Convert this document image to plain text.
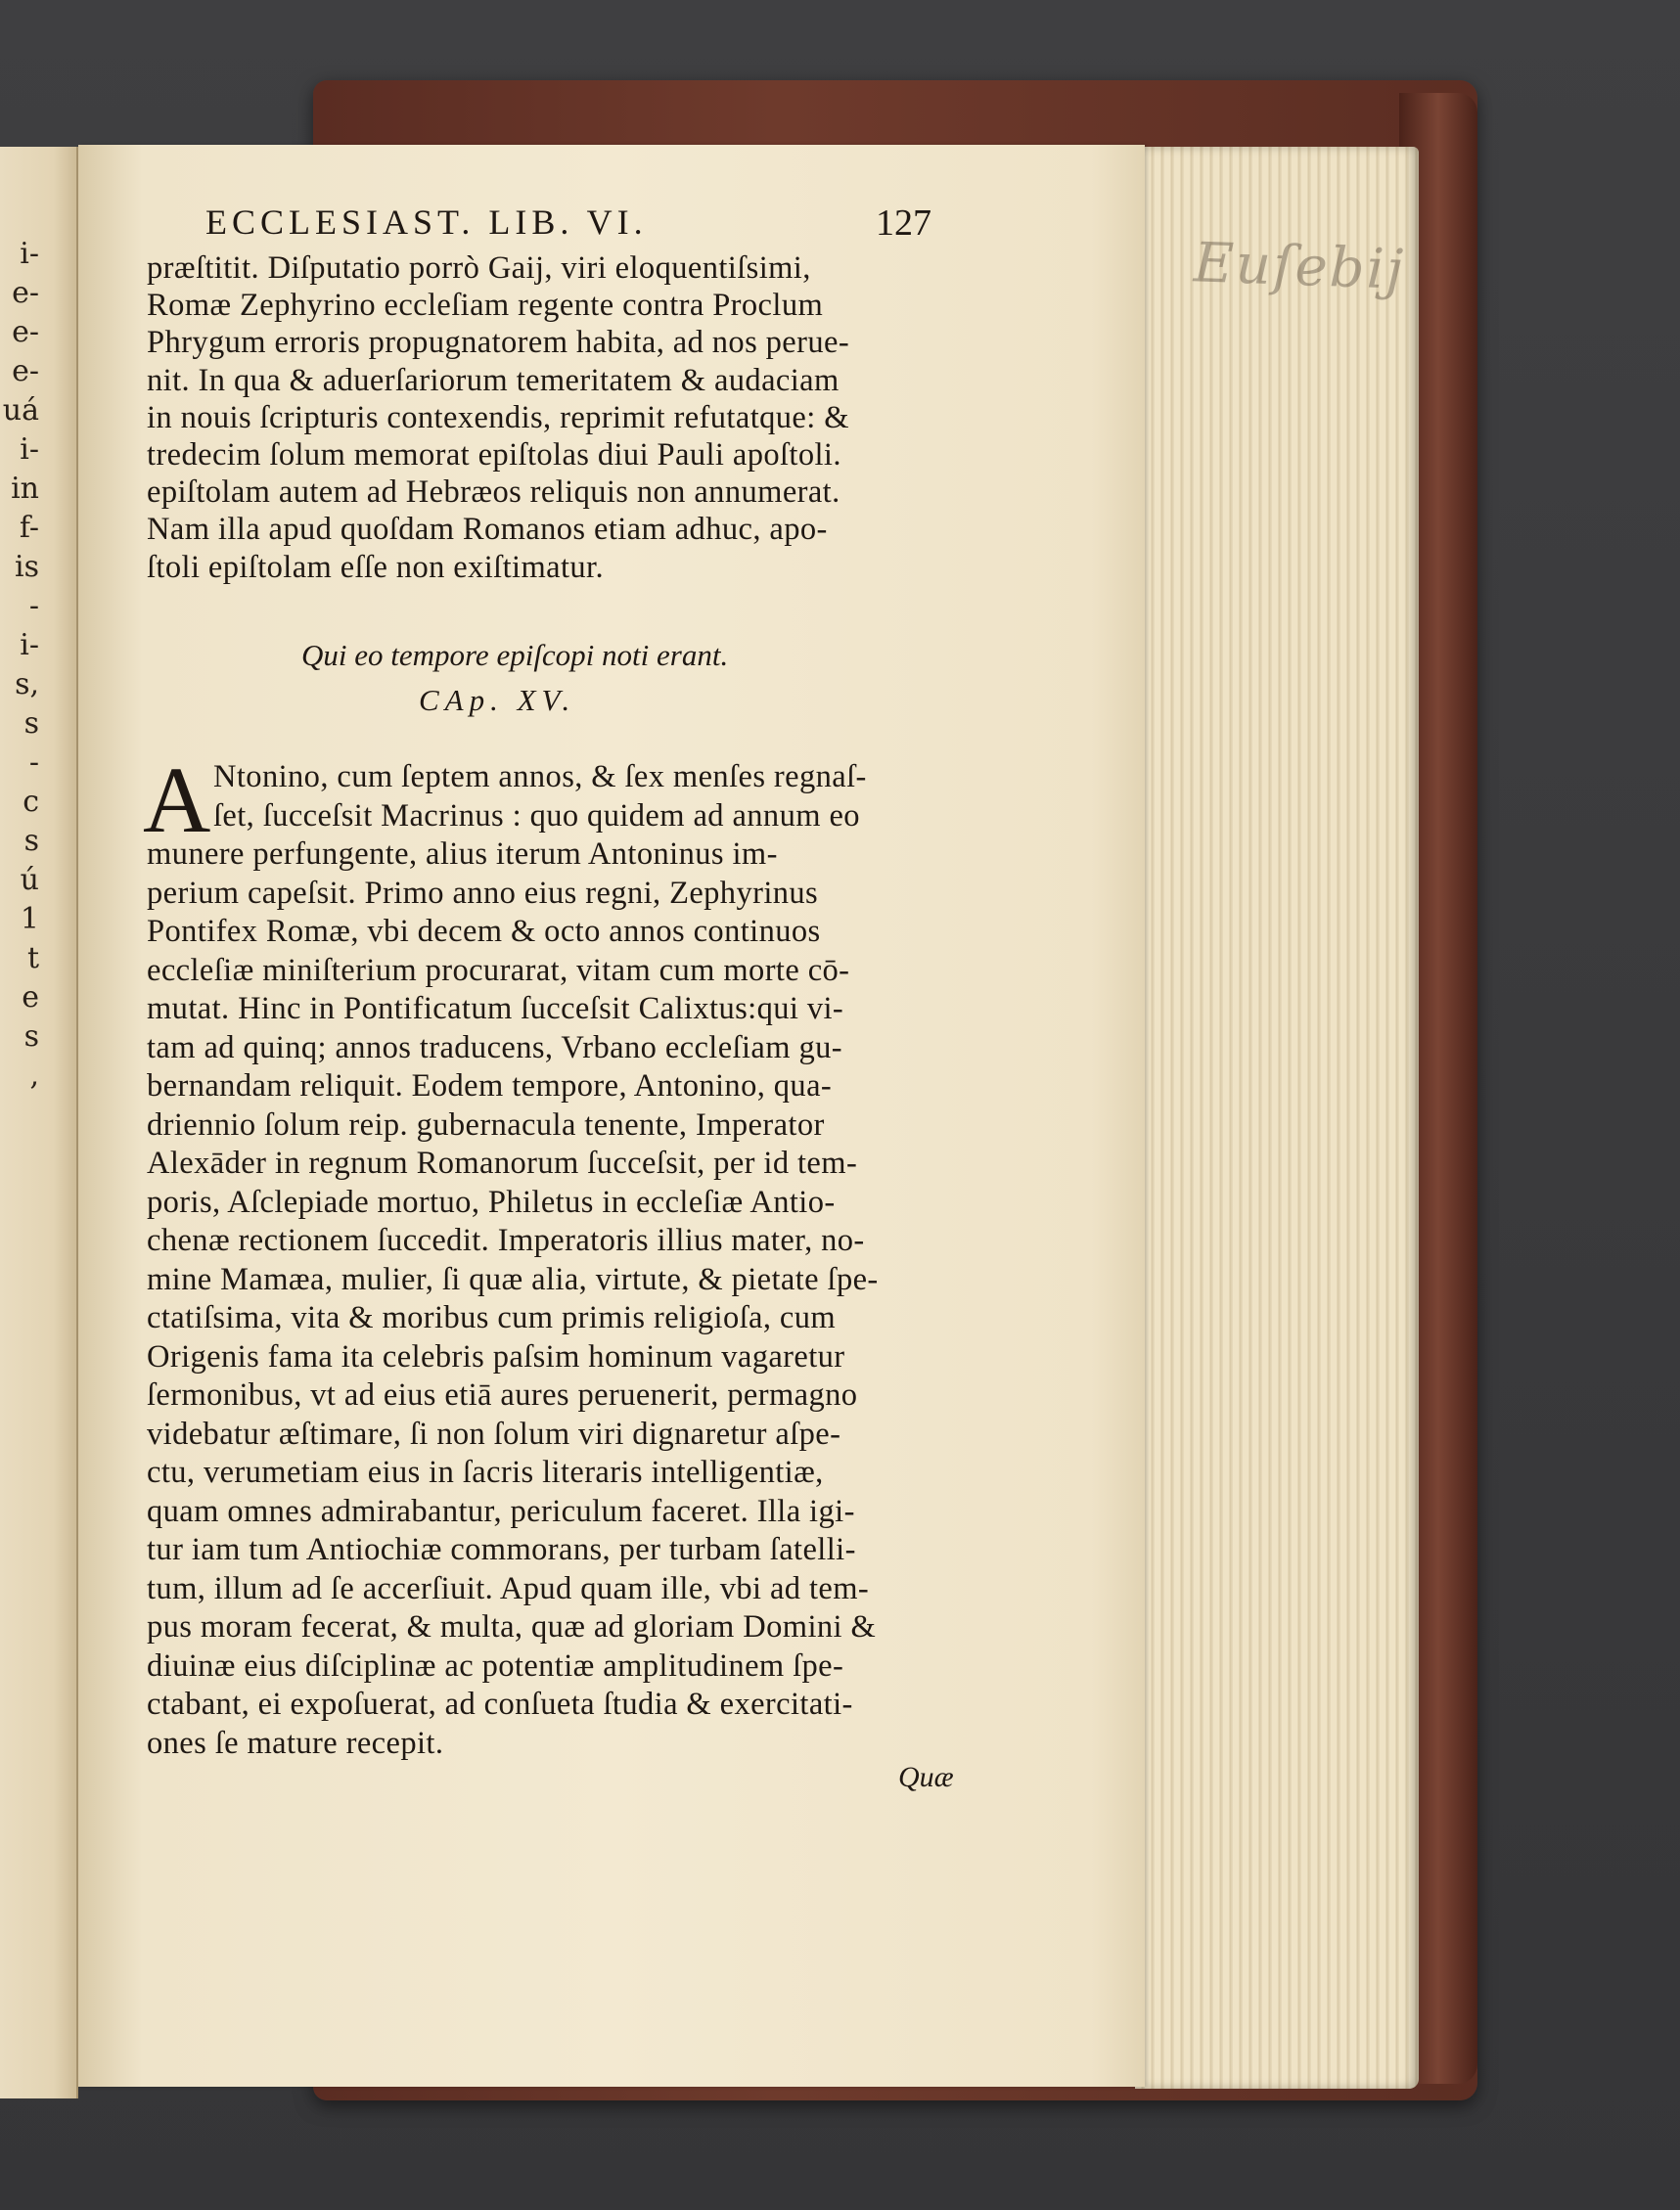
i-
e-
e-
e-
uá
i-
in
f-
is
-
i-
s,
s
-
c
s
ú
1
t
e
s
,
Euſebij
ECCLESIAST. LIB. VI.	127
præſtitit. Diſputatio porrò Gaij, viri eloquentiſsimi,
Romæ Zephyrino eccleſiam regente contra Proclum
Phrygum erroris propugnatorem habita, ad nos perue-
nit. In qua & aduerſariorum temeritatem & audaciam
in nouis ſcripturis contexendis, reprimit refutatque: &
tredecim ſolum memorat epiſtolas diui Pauli apoſtoli.
epiſtolam autem ad Hebræos reliquis non annumerat.
Nam illa apud quoſdam Romanos etiam adhuc, apo-
ſtoli epiſtolam eſſe non exiſtimatur.
Qui eo tempore epiſcopi noti erant.
CAp. XV.
A Ntonino, cum ſeptem annos, & ſex menſes regnaſ-
ſet, ſucceſsit Macrinus : quo quidem ad annum eo
munere perfungente, alius iterum Antoninus im-
perium capeſsit. Primo anno eius regni, Zephyrinus
Pontifex Romæ, vbi decem & octo annos continuos
eccleſiæ miniſterium procurarat, vitam cum morte cō-
mutat. Hinc in Pontificatum ſucceſsit Calixtus:qui vi-
tam ad quinq; annos traducens, Vrbano eccleſiam gu-
bernandam reliquit. Eodem tempore, Antonino, qua-
driennio ſolum reip. gubernacula tenente, Imperator
Alexāder in regnum Romanorum ſucceſsit, per id tem-
poris, Aſclepiade mortuo, Philetus in eccleſiæ Antio-
chenæ rectionem ſuccedit. Imperatoris illius mater, no-
mine Mamæa, mulier, ſi quæ alia, virtute, & pietate ſpe-
ctatiſsima, vita & moribus cum primis religioſa, cum
Origenis fama ita celebris paſsim hominum vagaretur
ſermonibus, vt ad eius etiā aures peruenerit, permagno
videbatur æſtimare, ſi non ſolum viri dignaretur aſpe-
ctu, verumetiam eius in ſacris literaris intelligentiæ,
quam omnes admirabantur, periculum faceret. Illa igi-
tur iam tum Antiochiæ commorans, per turbam ſatelli-
tum, illum ad ſe accerſiuit. Apud quam ille, vbi ad tem-
pus moram fecerat, & multa, quæ ad gloriam Domini &
diuinæ eius diſciplinæ ac potentiæ amplitudinem ſpe-
ctabant, ei expoſuerat, ad conſueta ſtudia & exercitati-
ones ſe mature recepit.
Quæ
